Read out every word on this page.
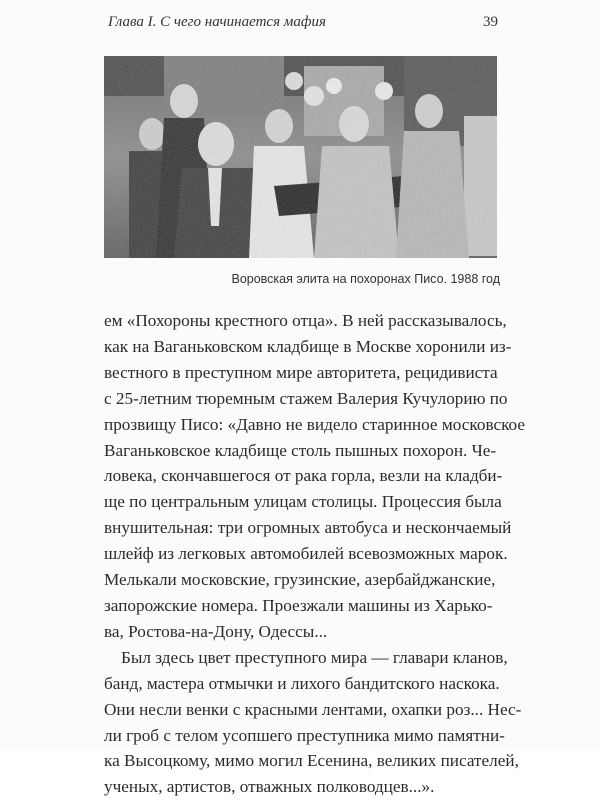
Глава I. С чего начинается мафия	39
Воровская элита на похоронах Писо. 1988 год
ем «Похороны крестного отца». В ней рассказывалось,
как на Ваганьковском кладбище в Москве хоронили из-
вестного в преступном мире авторитета, рецидивиста
с 25-летним тюремным стажем Валерия Кучулорию по
прозвищу Писо: «Давно не видело старинное московское
Ваганьковское кладбище столь пышных похорон. Че-
ловека, скончавшегося от рака горла, везли на кладби-
ще по центральным улицам столицы. Процессия была
внушительная: три огромных автобуса и нескончаемый
шлейф из легковых автомобилей всевозможных марок.
Мелькали московские, грузинские, азербайджанские,
запорожские номера. Проезжали машины из Харько-
ва, Ростова-на-Дону, Одессы...
Был здесь цвет преступного мира — главари кланов,
банд, мастера отмычки и лихого бандитского наскока.
Они несли венки с красными лентами, охапки роз... Нес-
ли гроб с телом усопшего преступника мимо памятни-
ка Высоцкому, мимо могил Есенина, великих писателей,
ученых, артистов, отважных полководцев...».
